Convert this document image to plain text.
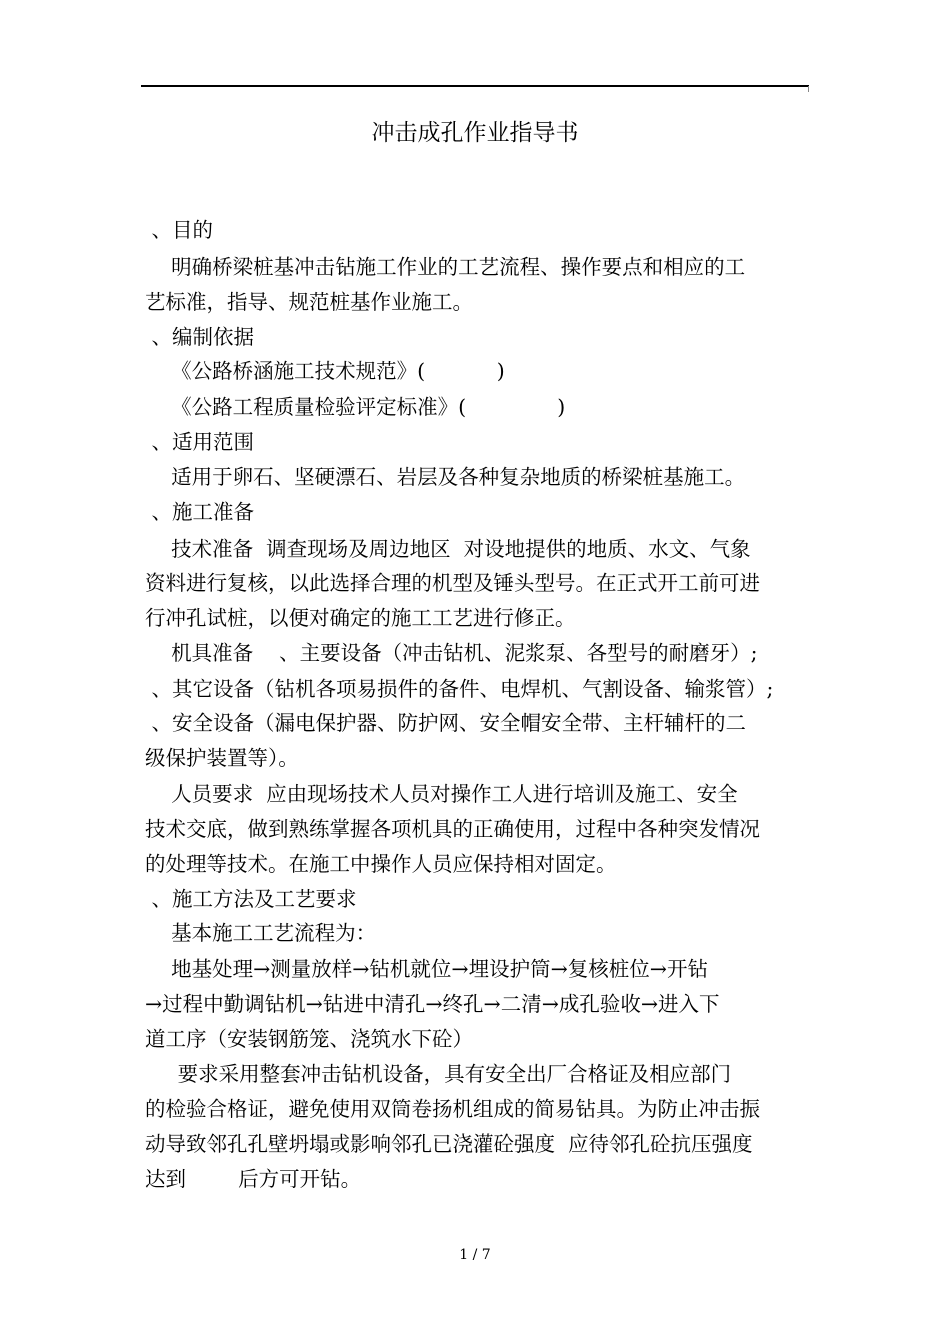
冲击成孔作业指导书
、目的
明确桥梁桩基冲击钻施工作业的工艺流程、操作要点和相应的工
艺标准，指导、规范桩基作业施工。
、编制依据
《公路桥涵施工技术规范》(           )
《公路工程质量检验评定标准》(              )
、适用范围
适用于卵石、坚硬漂石、岩层及各种复杂地质的桥梁桩基施工。
、施工准备
技术准备  调查现场及周边地区  对设地提供的地质、水文、气象
资料进行复核，以此选择合理的机型及锤头型号。在正式开工前可进
行冲孔试桩，以便对确定的施工工艺进行修正。
机具准备    、主要设备（冲击钻机、泥浆泵、各型号的耐磨牙）;
、其它设备（钻机各项易损件的备件、电焊机、气割设备、输浆管）;
、安全设备（漏电保护器、防护网、安全帽安全带、主杆辅杆的二
级保护装置等）。
人员要求  应由现场技术人员对操作工人进行培训及施工、安全
技术交底，做到熟练掌握各项机具的正确使用，过程中各种突发情况
的处理等技术。在施工中操作人员应保持相对固定。
、施工方法及工艺要求
基本施工工艺流程为：
地基处理→测量放样→钻机就位→埋设护筒→复核桩位→开钻
→过程中勤调钻机→钻进中清孔→终孔→二清→成孔验收→进入下
道工序（安装钢筋笼、浇筑水下砼）
要求采用整套冲击钻机设备，具有安全出厂合格证及相应部门
的检验合格证，避免使用双筒卷扬机组成的简易钻具。为防止冲击振
动导致邻孔孔壁坍塌或影响邻孔已浇灌砼强度  应待邻孔砼抗压强度
达到        后方可开钻。
1 / 7
